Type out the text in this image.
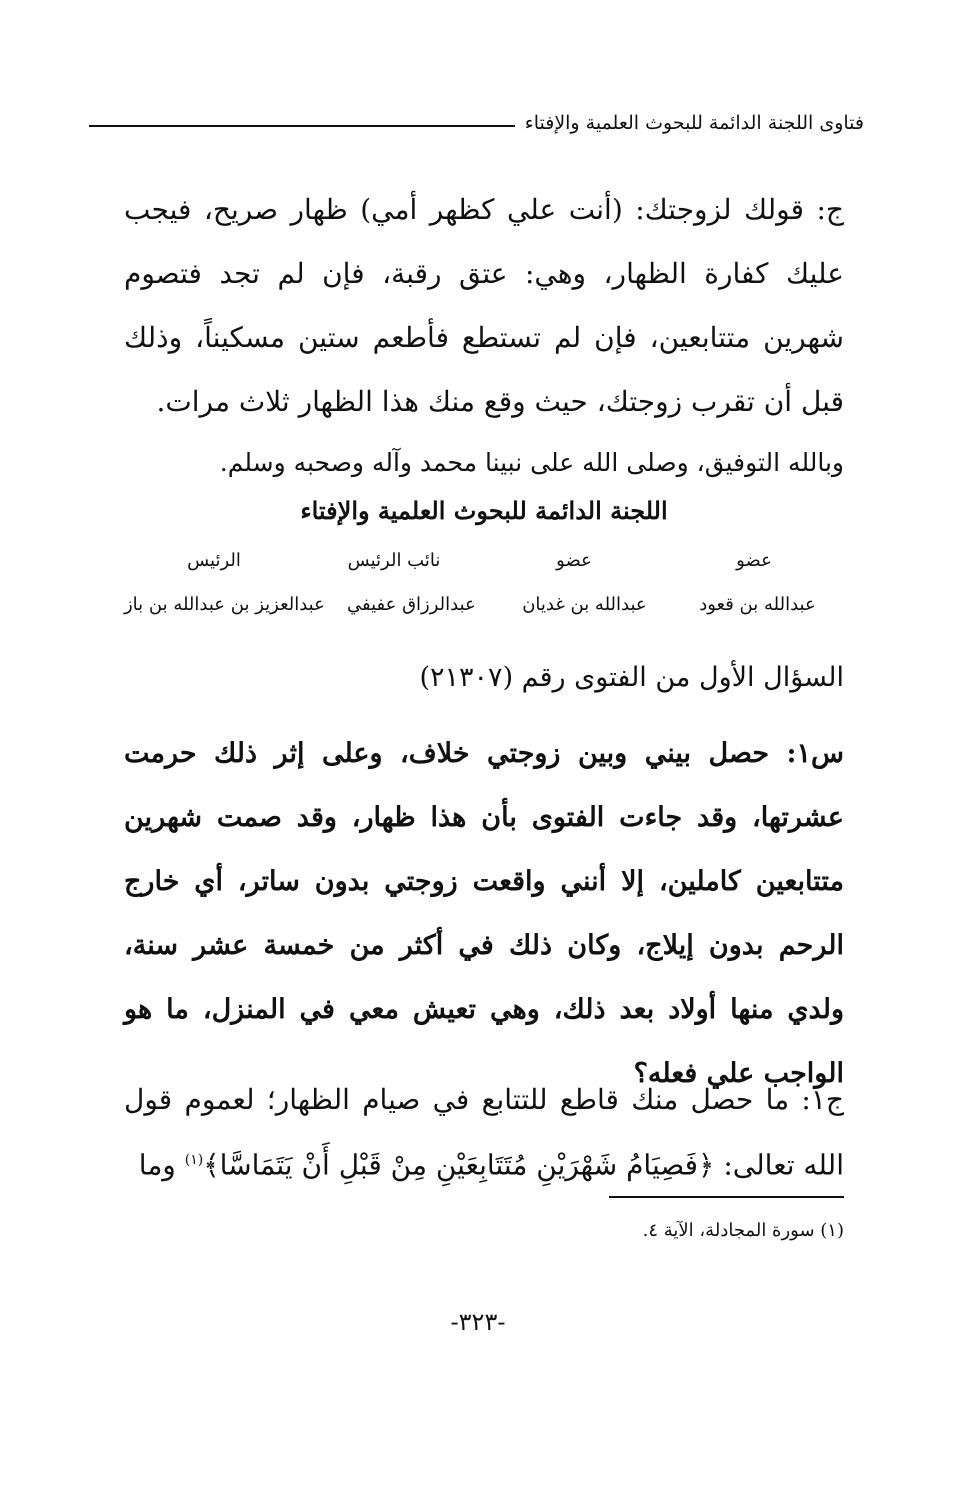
فتاوى اللجنة الدائمة للبحوث العلمية والإفتاء
ج: قولك لزوجتك: (أنت علي كظهر أمي) ظهار صريح، فيجب عليك كفارة الظهار، وهي: عتق رقبة، فإن لم تجد فتصوم شهرين متتابعين، فإن لم تستطع فأطعم ستين مسكيناً، وذلك قبل أن تقرب زوجتك، حيث وقع منك هذا الظهار ثلاث مرات.
وبالله التوفيق، وصلى الله على نبينا محمد وآله وصحبه وسلم.
اللجنة الدائمة للبحوث العلمية والإفتاء
عضو
عضو
نائب الرئيس
الرئيس
عبدالله بن قعود
عبدالله بن غديان
عبدالرزاق عفيفي
عبدالعزيز بن عبدالله بن باز
السؤال الأول من الفتوى رقم (٢١٣٠٧)
س١: حصل بيني وبين زوجتي خلاف، وعلى إثر ذلك حرمت عشرتها، وقد جاءت الفتوى بأن هذا ظهار، وقد صمت شهرين متتابعين كاملين، إلا أنني واقعت زوجتي بدون ساتر، أي خارج الرحم بدون إيلاج، وكان ذلك في أكثر من خمسة عشر سنة، ولدي منها أولاد بعد ذلك، وهي تعيش معي في المنزل، ما هو الواجب علي فعله؟
ج١: ما حصل منك قاطع للتتابع في صيام الظهار؛ لعموم قول الله تعالى: ﴿فَصِيَامُ شَهْرَيْنِ مُتَتَابِعَيْنِ مِنْ قَبْلِ أَنْ يَتَمَاسَّا﴾$^{(١)}$ وما
(١) سورة المجادلة، الآية ٤.
-٣٢٣-
